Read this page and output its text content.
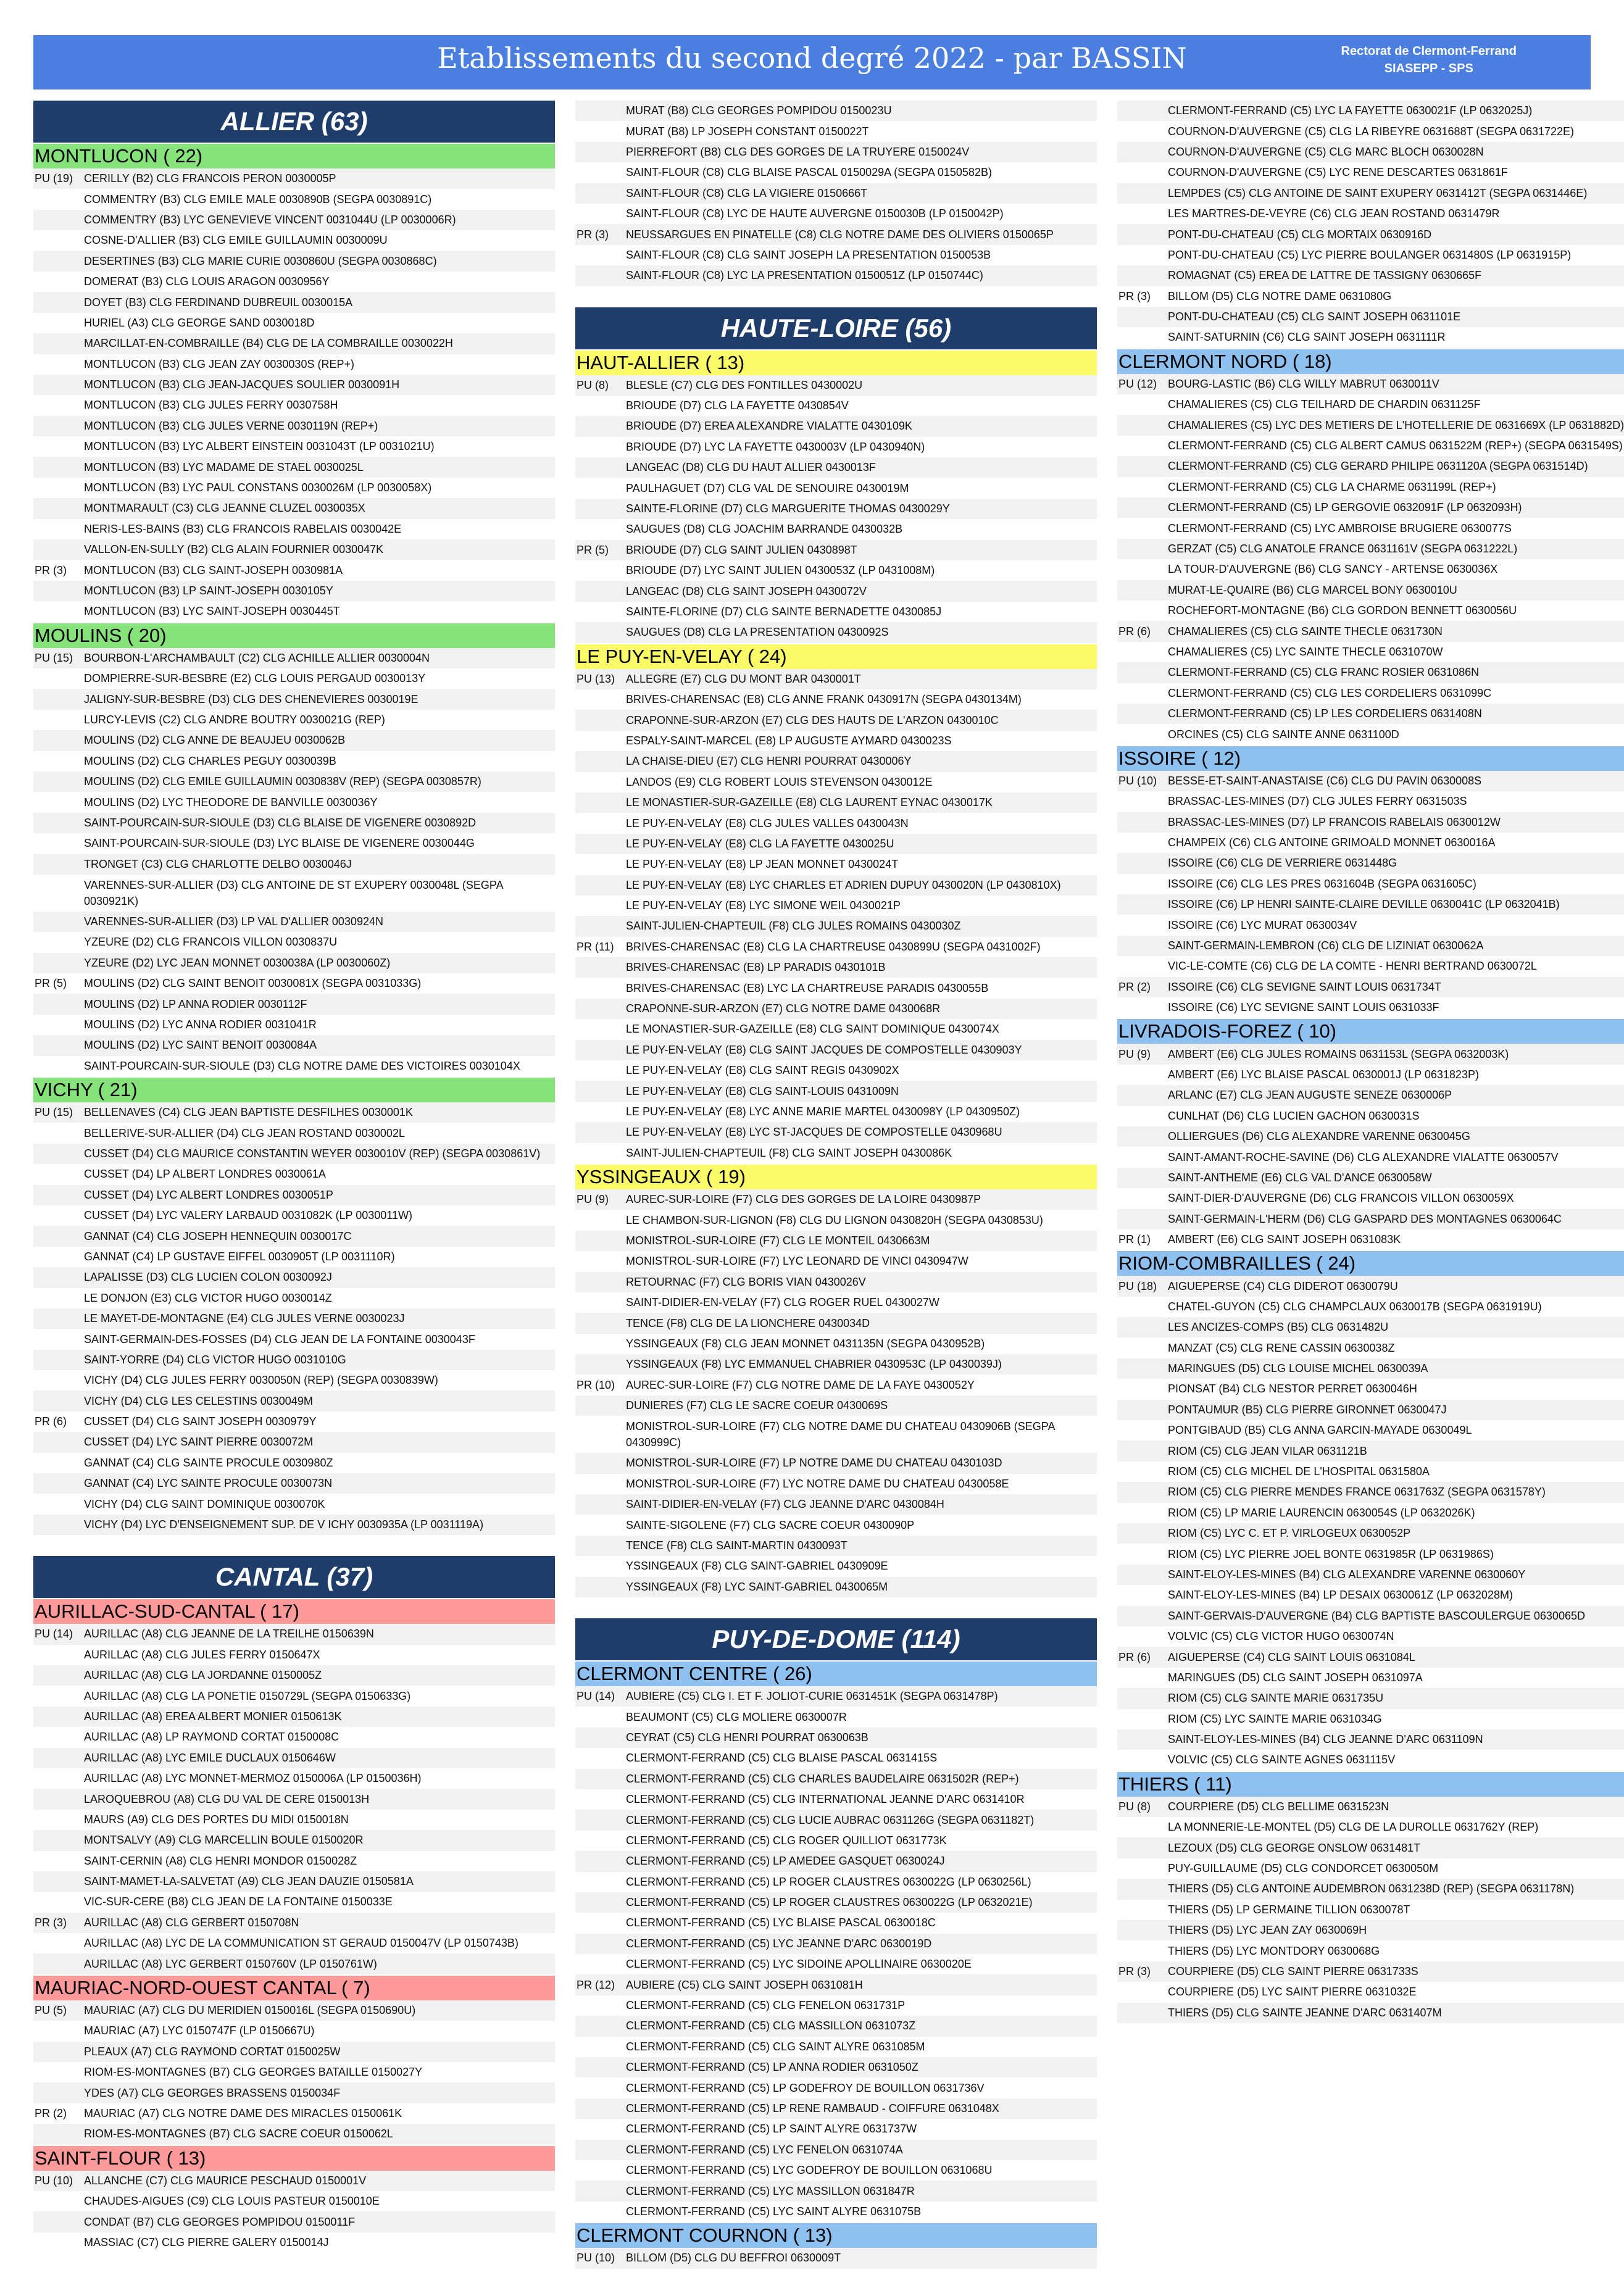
Etablissements du second degré 2022 - par BASSIN	Rectorat de Clermont-Ferrand
SIASEPP - SPS
ALLIER (63)
MONTLUCON ( 22)
PU (19) CERILLY (B2) CLG FRANCOIS PERON 0030005P
COMMENTRY (B3) CLG EMILE MALE 0030890B (SEGPA 0030891C)
COMMENTRY (B3) LYC GENEVIEVE VINCENT 0031044U (LP 0030006R)
COSNE-D'ALLIER (B3) CLG EMILE GUILLAUMIN 0030009U
DESERTINES (B3) CLG MARIE CURIE 0030860U (SEGPA 0030868C)
DOMERAT (B3) CLG LOUIS ARAGON 0030956Y
DOYET (B3) CLG FERDINAND DUBREUIL 0030015A
HURIEL (A3) CLG GEORGE SAND 0030018D
MARCILLAT-EN-COMBRAILLE (B4) CLG DE LA COMBRAILLE 0030022H
MONTLUCON (B3) CLG JEAN ZAY 0030030S (REP+)
MONTLUCON (B3) CLG JEAN-JACQUES SOULIER 0030091H
MONTLUCON (B3) CLG JULES FERRY 0030758H
MONTLUCON (B3) CLG JULES VERNE 0030119N (REP+)
MONTLUCON (B3) LYC ALBERT EINSTEIN 0031043T (LP 0031021U)
MONTLUCON (B3) LYC MADAME DE STAEL 0030025L
MONTLUCON (B3) LYC PAUL CONSTANS 0030026M (LP 0030058X)
MONTMARAULT (C3) CLG JEANNE CLUZEL 0030035X
NERIS-LES-BAINS (B3) CLG FRANCOIS RABELAIS 0030042E
VALLON-EN-SULLY (B2) CLG ALAIN FOURNIER 0030047K
PR (3)	MONTLUCON (B3) CLG SAINT-JOSEPH 0030981A
MONTLUCON (B3) LP SAINT-JOSEPH 0030105Y
MONTLUCON (B3) LYC SAINT-JOSEPH 0030445T
MOULINS ( 20)
PU (15) BOURBON-L'ARCHAMBAULT (C2) CLG ACHILLE ALLIER 0030004N
DOMPIERRE-SUR-BESBRE (E2) CLG LOUIS PERGAUD 0030013Y
JALIGNY-SUR-BESBRE (D3) CLG DES CHENEVIERES 0030019E
LURCY-LEVIS (C2) CLG ANDRE BOUTRY 0030021G (REP)
MOULINS (D2) CLG ANNE DE BEAUJEU 0030062B
MOULINS (D2) CLG CHARLES PEGUY 0030039B
MOULINS (D2) CLG EMILE GUILLAUMIN 0030838V (REP) (SEGPA 0030857R)
MOULINS (D2) LYC THEODORE DE BANVILLE 0030036Y
SAINT-POURCAIN-SUR-SIOULE (D3) CLG BLAISE DE VIGENERE 0030892D
SAINT-POURCAIN-SUR-SIOULE (D3) LYC BLAISE DE VIGENERE 0030044G
TRONGET (C3) CLG CHARLOTTE DELBO 0030046J
VARENNES-SUR-ALLIER (D3) CLG ANTOINE DE ST EXUPERY 0030048L (SEGPA 0030921K)
VARENNES-SUR-ALLIER (D3) LP VAL D'ALLIER 0030924N
YZEURE (D2) CLG FRANCOIS VILLON 0030837U
YZEURE (D2) LYC JEAN MONNET 0030038A (LP 0030060Z)
PR (5)	MOULINS (D2) CLG SAINT BENOIT 0030081X (SEGPA 0031033G)
MOULINS (D2) LP ANNA RODIER 0030112F
MOULINS (D2) LYC ANNA RODIER 0031041R
MOULINS (D2) LYC SAINT BENOIT 0030084A
SAINT-POURCAIN-SUR-SIOULE (D3) CLG NOTRE DAME DES VICTOIRES 0030104X
VICHY ( 21)
PU (15) BELLENAVES (C4) CLG JEAN BAPTISTE DESFILHES 0030001K
BELLERIVE-SUR-ALLIER (D4) CLG JEAN ROSTAND 0030002L
CUSSET (D4) CLG MAURICE CONSTANTIN WEYER 0030010V (REP) (SEGPA 0030861V)
CUSSET (D4) LP ALBERT LONDRES 0030061A
CUSSET (D4) LYC ALBERT LONDRES 0030051P
CUSSET (D4) LYC VALERY LARBAUD 0031082K (LP 0030011W)
GANNAT (C4) CLG JOSEPH HENNEQUIN 0030017C
GANNAT (C4) LP GUSTAVE EIFFEL 0030905T (LP 0031110R)
LAPALISSE (D3) CLG LUCIEN COLON 0030092J
LE DONJON (E3) CLG VICTOR HUGO 0030014Z
LE MAYET-DE-MONTAGNE (E4) CLG JULES VERNE 0030023J
SAINT-GERMAIN-DES-FOSSES (D4) CLG JEAN DE LA FONTAINE 0030043F
SAINT-YORRE (D4) CLG VICTOR HUGO 0031010G
VICHY (D4) CLG JULES FERRY 0030050N (REP) (SEGPA 0030839W)
VICHY (D4) CLG LES CELESTINS 0030049M
PR (6)	CUSSET (D4) CLG SAINT JOSEPH 0030979Y
CUSSET (D4) LYC SAINT PIERRE 0030072M
GANNAT (C4) CLG SAINTE PROCULE 0030980Z
GANNAT (C4) LYC SAINTE PROCULE 0030073N
VICHY (D4) CLG SAINT DOMINIQUE 0030070K
VICHY (D4) LYC D'ENSEIGNEMENT SUP. DE V ICHY 0030935A (LP 0031119A)
CANTAL (37)
AURILLAC-SUD-CANTAL ( 17)
PU (14) AURILLAC (A8) CLG JEANNE DE LA TREILHE 0150639N
AURILLAC (A8) CLG JULES FERRY 0150647X
AURILLAC (A8) CLG LA JORDANNE 0150005Z
AURILLAC (A8) CLG LA PONETIE 0150729L (SEGPA 0150633G)
AURILLAC (A8) EREA ALBERT MONIER 0150613K
AURILLAC (A8) LP RAYMOND CORTAT 0150008C
AURILLAC (A8) LYC EMILE DUCLAUX 0150646W
AURILLAC (A8) LYC MONNET-MERMOZ 0150006A (LP 0150036H)
LAROQUEBROU (A8) CLG DU VAL DE CERE 0150013H
MAURS (A9) CLG DES PORTES DU MIDI 0150018N
MONTSALVY (A9) CLG MARCELLIN BOULE 0150020R
SAINT-CERNIN (A8) CLG HENRI MONDOR 0150028Z
SAINT-MAMET-LA-SALVETAT (A9) CLG JEAN DAUZIE 0150581A
VIC-SUR-CERE (B8) CLG JEAN DE LA FONTAINE 0150033E
PR (3)	AURILLAC (A8) CLG GERBERT 0150708N
AURILLAC (A8) LYC DE LA COMMUNICATION ST GERAUD 0150047V (LP 0150743B)
AURILLAC (A8) LYC GERBERT 0150760V (LP 0150761W)
MAURIAC-NORD-OUEST CANTAL ( 7)
PU (5)	MAURIAC (A7) CLG DU MERIDIEN 0150016L (SEGPA 0150690U)
MAURIAC (A7) LYC 0150747F (LP 0150667U)
PLEAUX (A7) CLG RAYMOND CORTAT 0150025W
RIOM-ES-MONTAGNES (B7) CLG GEORGES BATAILLE 0150027Y
YDES (A7) CLG GEORGES BRASSENS 0150034F
PR (2)	MAURIAC (A7) CLG NOTRE DAME DES MIRACLES 0150061K
RIOM-ES-MONTAGNES (B7) CLG SACRE COEUR 0150062L
SAINT-FLOUR ( 13)
PU (10) ALLANCHE (C7) CLG MAURICE PESCHAUD 0150001V
CHAUDES-AIGUES (C9) CLG LOUIS PASTEUR 0150010E
CONDAT (B7) CLG GEORGES POMPIDOU 0150011F
MASSIAC (C7) CLG PIERRE GALERY 0150014J
MURAT (B8) CLG GEORGES POMPIDOU 0150023U
MURAT (B8) LP JOSEPH CONSTANT 0150022T
PIERREFORT (B8) CLG DES GORGES DE LA TRUYERE 0150024V
SAINT-FLOUR (C8) CLG BLAISE PASCAL 0150029A (SEGPA 0150582B)
SAINT-FLOUR (C8) CLG LA VIGIERE 0150666T
SAINT-FLOUR (C8) LYC DE HAUTE AUVERGNE 0150030B (LP 0150042P)
PR (3)	NEUSSARGUES EN PINATELLE (C8) CLG NOTRE DAME DES OLIVIERS 0150065P
SAINT-FLOUR (C8) CLG SAINT JOSEPH LA PRESENTATION 0150053B
SAINT-FLOUR (C8) LYC LA PRESENTATION 0150051Z (LP 0150744C)
HAUTE-LOIRE (56)
HAUT-ALLIER ( 13)
PU (8)	BLESLE (C7) CLG DES FONTILLES 0430002U
BRIOUDE (D7) CLG LA FAYETTE 0430854V
BRIOUDE (D7) EREA ALEXANDRE VIALATTE 0430109K
BRIOUDE (D7) LYC LA FAYETTE 0430003V (LP 0430940N)
LANGEAC (D8) CLG DU HAUT ALLIER 0430013F
PAULHAGUET (D7) CLG VAL DE SENOUIRE 0430019M
SAINTE-FLORINE (D7) CLG MARGUERITE THOMAS 0430029Y
SAUGUES (D8) CLG JOACHIM BARRANDE 0430032B
PR (5)	BRIOUDE (D7) CLG SAINT JULIEN 0430898T
BRIOUDE (D7) LYC SAINT JULIEN 0430053Z (LP 0431008M)
LANGEAC (D8) CLG SAINT JOSEPH 0430072V
SAINTE-FLORINE (D7) CLG SAINTE BERNADETTE 0430085J
SAUGUES (D8) CLG LA PRESENTATION 0430092S
LE PUY-EN-VELAY ( 24)
PU (13) ALLEGRE (E7) CLG DU MONT BAR 0430001T
BRIVES-CHARENSAC (E8) CLG ANNE FRANK 0430917N (SEGPA 0430134M)
CRAPONNE-SUR-ARZON (E7) CLG DES HAUTS DE L'ARZON 0430010C
ESPALY-SAINT-MARCEL (E8) LP AUGUSTE AYMARD 0430023S
LA CHAISE-DIEU (E7) CLG HENRI POURRAT 0430006Y
LANDOS (E9) CLG ROBERT LOUIS STEVENSON 0430012E
LE MONASTIER-SUR-GAZEILLE (E8) CLG LAURENT EYNAC 0430017K
LE PUY-EN-VELAY (E8) CLG JULES VALLES 0430043N
LE PUY-EN-VELAY (E8) CLG LA FAYETTE 0430025U
LE PUY-EN-VELAY (E8) LP JEAN MONNET 0430024T
LE PUY-EN-VELAY (E8) LYC CHARLES ET ADRIEN DUPUY 0430020N (LP 0430810X)
LE PUY-EN-VELAY (E8) LYC SIMONE WEIL 0430021P
SAINT-JULIEN-CHAPTEUIL (F8) CLG JULES ROMAINS 0430030Z
PR (11)	BRIVES-CHARENSAC (E8) CLG LA CHARTREUSE 0430899U (SEGPA 0431002F)
BRIVES-CHARENSAC (E8) LP PARADIS 0430101B
BRIVES-CHARENSAC (E8) LYC LA CHARTREUSE PARADIS 0430055B
CRAPONNE-SUR-ARZON (E7) CLG NOTRE DAME 0430068R
LE MONASTIER-SUR-GAZEILLE (E8) CLG SAINT DOMINIQUE 0430074X
LE PUY-EN-VELAY (E8) CLG SAINT JACQUES DE COMPOSTELLE 0430903Y
LE PUY-EN-VELAY (E8) CLG SAINT REGIS 0430902X
LE PUY-EN-VELAY (E8) CLG SAINT-LOUIS 0431009N
LE PUY-EN-VELAY (E8) LYC ANNE MARIE MARTEL 0430098Y (LP 0430950Z)
LE PUY-EN-VELAY (E8) LYC ST-JACQUES DE COMPOSTELLE 0430968U
SAINT-JULIEN-CHAPTEUIL (F8) CLG SAINT JOSEPH 0430086K
YSSINGEAUX ( 19)
PU (9)	AUREC-SUR-LOIRE (F7) CLG DES GORGES DE LA LOIRE 0430987P
LE CHAMBON-SUR-LIGNON (F8) CLG DU LIGNON 0430820H (SEGPA 0430853U)
MONISTROL-SUR-LOIRE (F7) CLG LE MONTEIL 0430663M
MONISTROL-SUR-LOIRE (F7) LYC LEONARD DE VINCI 0430947W
RETOURNAC (F7) CLG BORIS VIAN 0430026V
SAINT-DIDIER-EN-VELAY (F7) CLG ROGER RUEL 0430027W
TENCE (F8) CLG DE LA LIONCHERE 0430034D
YSSINGEAUX (F8) CLG JEAN MONNET 0431135N (SEGPA 0430952B)
YSSINGEAUX (F8) LYC EMMANUEL CHABRIER 0430953C (LP 0430039J)
PR (10) AUREC-SUR-LOIRE (F7) CLG NOTRE DAME DE LA FAYE 0430052Y
DUNIERES (F7) CLG LE SACRE COEUR 0430069S
MONISTROL-SUR-LOIRE (F7) CLG NOTRE DAME DU CHATEAU 0430906B (SEGPA 0430999C)
MONISTROL-SUR-LOIRE (F7) LP NOTRE DAME DU CHATEAU 0430103D
MONISTROL-SUR-LOIRE (F7) LYC NOTRE DAME DU CHATEAU 0430058E
SAINT-DIDIER-EN-VELAY (F7) CLG JEANNE D'ARC 0430084H
SAINTE-SIGOLENE (F7) CLG SACRE COEUR 0430090P
TENCE (F8) CLG SAINT-MARTIN 0430093T
YSSINGEAUX (F8) CLG SAINT-GABRIEL 0430909E
YSSINGEAUX (F8) LYC SAINT-GABRIEL 0430065M
PUY-DE-DOME (114)
CLERMONT CENTRE ( 26)
PU (14) AUBIERE (C5) CLG I. ET F. JOLIOT-CURIE 0631451K (SEGPA 0631478P)
BEAUMONT (C5) CLG MOLIERE 0630007R
CEYRAT (C5) CLG HENRI POURRAT 0630063B
CLERMONT-FERRAND (C5) CLG BLAISE PASCAL 0631415S
CLERMONT-FERRAND (C5) CLG CHARLES BAUDELAIRE 0631502R (REP+)
CLERMONT-FERRAND (C5) CLG INTERNATIONAL JEANNE D'ARC 0631410R
CLERMONT-FERRAND (C5) CLG LUCIE AUBRAC 0631126G (SEGPA 0631182T)
CLERMONT-FERRAND (C5) CLG ROGER QUILLIOT 0631773K
CLERMONT-FERRAND (C5) LP AMEDEE GASQUET 0630024J
CLERMONT-FERRAND (C5) LP ROGER CLAUSTRES 0630022G (LP 0630256L)
CLERMONT-FERRAND (C5) LP ROGER CLAUSTRES 0630022G (LP 0632021E)
CLERMONT-FERRAND (C5) LYC BLAISE PASCAL 0630018C
CLERMONT-FERRAND (C5) LYC JEANNE D'ARC 0630019D
CLERMONT-FERRAND (C5) LYC SIDOINE APOLLINAIRE 0630020E
PR (12) AUBIERE (C5) CLG SAINT JOSEPH 0631081H
CLERMONT-FERRAND (C5) CLG FENELON 0631731P
CLERMONT-FERRAND (C5) CLG MASSILLON 0631073Z
CLERMONT-FERRAND (C5) CLG SAINT ALYRE 0631085M
CLERMONT-FERRAND (C5) LP ANNA RODIER 0631050Z
CLERMONT-FERRAND (C5) LP GODEFROY DE BOUILLON 0631736V
CLERMONT-FERRAND (C5) LP RENE RAMBAUD - COIFFURE 0631048X
CLERMONT-FERRAND (C5) LP SAINT ALYRE 0631737W
CLERMONT-FERRAND (C5) LYC FENELON 0631074A
CLERMONT-FERRAND (C5) LYC GODEFROY DE BOUILLON 0631068U
CLERMONT-FERRAND (C5) LYC MASSILLON 0631847R
CLERMONT-FERRAND (C5) LYC SAINT ALYRE 0631075B
CLERMONT COURNON ( 13)
PU (10) BILLOM (D5) CLG DU BEFFROI 0630009T
CLERMONT-FERRAND (C5) LYC LA FAYETTE 0630021F (LP 0632025J)
COURNON-D'AUVERGNE (C5) CLG LA RIBEYRE 0631688T (SEGPA 0631722E)
COURNON-D'AUVERGNE (C5) CLG MARC BLOCH 0630028N
COURNON-D'AUVERGNE (C5) LYC RENE DESCARTES 0631861F
LEMPDES (C5) CLG ANTOINE DE SAINT EXUPERY 0631412T (SEGPA 0631446E)
LES MARTRES-DE-VEYRE (C6) CLG JEAN ROSTAND 0631479R
PONT-DU-CHATEAU (C5) CLG MORTAIX 0630916D
PONT-DU-CHATEAU (C5) LYC PIERRE BOULANGER 0631480S (LP 0631915P)
ROMAGNAT (C5) EREA DE LATTRE DE TASSIGNY 0630665F
PR (3)	BILLOM (D5) CLG NOTRE DAME 0631080G
PONT-DU-CHATEAU (C5) CLG SAINT JOSEPH 0631101E
SAINT-SATURNIN (C6) CLG SAINT JOSEPH 0631111R
CLERMONT NORD ( 18)
PU (12) BOURG-LASTIC (B6) CLG WILLY MABRUT 0630011V
CHAMALIERES (C5) CLG TEILHARD DE CHARDIN 0631125F
CHAMALIERES (C5) LYC DES METIERS DE L'HOTELLERIE DE 0631669X (LP 0631882D)
CLERMONT-FERRAND (C5) CLG ALBERT CAMUS 0631522M (REP+) (SEGPA 0631549S)
CLERMONT-FERRAND (C5) CLG GERARD PHILIPE 0631120A (SEGPA 0631514D)
CLERMONT-FERRAND (C5) CLG LA CHARME 0631199L (REP+)
CLERMONT-FERRAND (C5) LP GERGOVIE 0632091F (LP 0632093H)
CLERMONT-FERRAND (C5) LYC AMBROISE BRUGIERE 0630077S
GERZAT (C5) CLG ANATOLE FRANCE 0631161V (SEGPA 0631222L)
LA TOUR-D'AUVERGNE (B6) CLG SANCY - ARTENSE 0630036X
MURAT-LE-QUAIRE (B6) CLG MARCEL BONY 0630010U
ROCHEFORT-MONTAGNE (B6) CLG GORDON BENNETT 0630056U
PR (6)	CHAMALIERES (C5) CLG SAINTE THECLE 0631730N
CHAMALIERES (C5) LYC SAINTE THECLE 0631070W
CLERMONT-FERRAND (C5) CLG FRANC ROSIER 0631086N
CLERMONT-FERRAND (C5) CLG LES CORDELIERS 0631099C
CLERMONT-FERRAND (C5) LP LES CORDELIERS 0631408N
ORCINES (C5) CLG SAINTE ANNE 0631100D
ISSOIRE ( 12)
PU (10) BESSE-ET-SAINT-ANASTAISE (C6) CLG DU PAVIN 0630008S
BRASSAC-LES-MINES (D7) CLG JULES FERRY 0631503S
BRASSAC-LES-MINES (D7) LP FRANCOIS RABELAIS 0630012W
CHAMPEIX (C6) CLG ANTOINE GRIMOALD MONNET 0630016A
ISSOIRE (C6) CLG DE VERRIERE 0631448G
ISSOIRE (C6) CLG LES PRES 0631604B (SEGPA 0631605C)
ISSOIRE (C6) LP HENRI SAINTE-CLAIRE DEVILLE 0630041C (LP 0632041B)
ISSOIRE (C6) LYC MURAT 0630034V
SAINT-GERMAIN-LEMBRON (C6) CLG DE LIZINIAT 0630062A
VIC-LE-COMTE (C6) CLG DE LA COMTE - HENRI BERTRAND 0630072L
PR (2)	ISSOIRE (C6) CLG SEVIGNE SAINT LOUIS 0631734T
ISSOIRE (C6) LYC SEVIGNE SAINT LOUIS 0631033F
LIVRADOIS-FOREZ ( 10)
PU (9)	AMBERT (E6) CLG JULES ROMAINS 0631153L (SEGPA 0632003K)
AMBERT (E6) LYC BLAISE PASCAL 0630001J (LP 0631823P)
ARLANC (E7) CLG JEAN AUGUSTE SENEZE 0630006P
CUNLHAT (D6) CLG LUCIEN GACHON 0630031S
OLLIERGUES (D6) CLG ALEXANDRE VARENNE 0630045G
SAINT-AMANT-ROCHE-SAVINE (D6) CLG ALEXANDRE VIALATTE 0630057V
SAINT-ANTHEME (E6) CLG VAL D'ANCE 0630058W
SAINT-DIER-D'AUVERGNE (D6) CLG FRANCOIS VILLON 0630059X
SAINT-GERMAIN-L'HERM (D6) CLG GASPARD DES MONTAGNES 0630064C
PR (1)	AMBERT (E6) CLG SAINT JOSEPH 0631083K
RIOM-COMBRAILLES ( 24)
PU (18) AIGUEPERSE (C4) CLG DIDEROT 0630079U
CHATEL-GUYON (C5) CLG CHAMPCLAUX 0630017B (SEGPA 0631919U)
LES ANCIZES-COMPS (B5) CLG 0631482U
MANZAT (C5) CLG RENE CASSIN 0630038Z
MARINGUES (D5) CLG LOUISE MICHEL 0630039A
PIONSAT (B4) CLG NESTOR PERRET 0630046H
PONTAUMUR (B5) CLG PIERRE GIRONNET 0630047J
PONTGIBAUD (B5) CLG ANNA GARCIN-MAYADE 0630049L
RIOM (C5) CLG JEAN VILAR 0631121B
RIOM (C5) CLG MICHEL DE L'HOSPITAL 0631580A
RIOM (C5) CLG PIERRE MENDES FRANCE 0631763Z (SEGPA 0631578Y)
RIOM (C5) LP MARIE LAURENCIN 0630054S (LP 0632026K)
RIOM (C5) LYC C. ET P. VIRLOGEUX 0630052P
RIOM (C5) LYC PIERRE JOEL BONTE 0631985R (LP 0631986S)
SAINT-ELOY-LES-MINES (B4) CLG ALEXANDRE VARENNE 0630060Y
SAINT-ELOY-LES-MINES (B4) LP DESAIX 0630061Z (LP 0632028M)
SAINT-GERVAIS-D'AUVERGNE (B4) CLG BAPTISTE BASCOULERGUE 0630065D
VOLVIC (C5) CLG VICTOR HUGO 0630074N
PR (6)	AIGUEPERSE (C4) CLG SAINT LOUIS 0631084L
MARINGUES (D5) CLG SAINT JOSEPH 0631097A
RIOM (C5) CLG SAINTE MARIE 0631735U
RIOM (C5) LYC SAINTE MARIE 0631034G
SAINT-ELOY-LES-MINES (B4) CLG JEANNE D'ARC 0631109N
VOLVIC (C5) CLG SAINTE AGNES 0631115V
THIERS ( 11)
PU (8)	COURPIERE (D5) CLG BELLIME 0631523N
LA MONNERIE-LE-MONTEL (D5) CLG DE LA DUROLLE 0631762Y (REP)
LEZOUX (D5) CLG GEORGE ONSLOW 0631481T
PUY-GUILLAUME (D5) CLG CONDORCET 0630050M
THIERS (D5) CLG ANTOINE AUDEMBRON 0631238D (REP) (SEGPA 0631178N)
THIERS (D5) LP GERMAINE TILLION 0630078T
THIERS (D5) LYC JEAN ZAY 0630069H
THIERS (D5) LYC MONTDORY 0630068G
PR (3)	COURPIERE (D5) CLG SAINT PIERRE 0631733S
COURPIERE (D5) LYC SAINT PIERRE 0631032E
THIERS (D5) CLG SAINTE JEANNE D'ARC 0631407M
